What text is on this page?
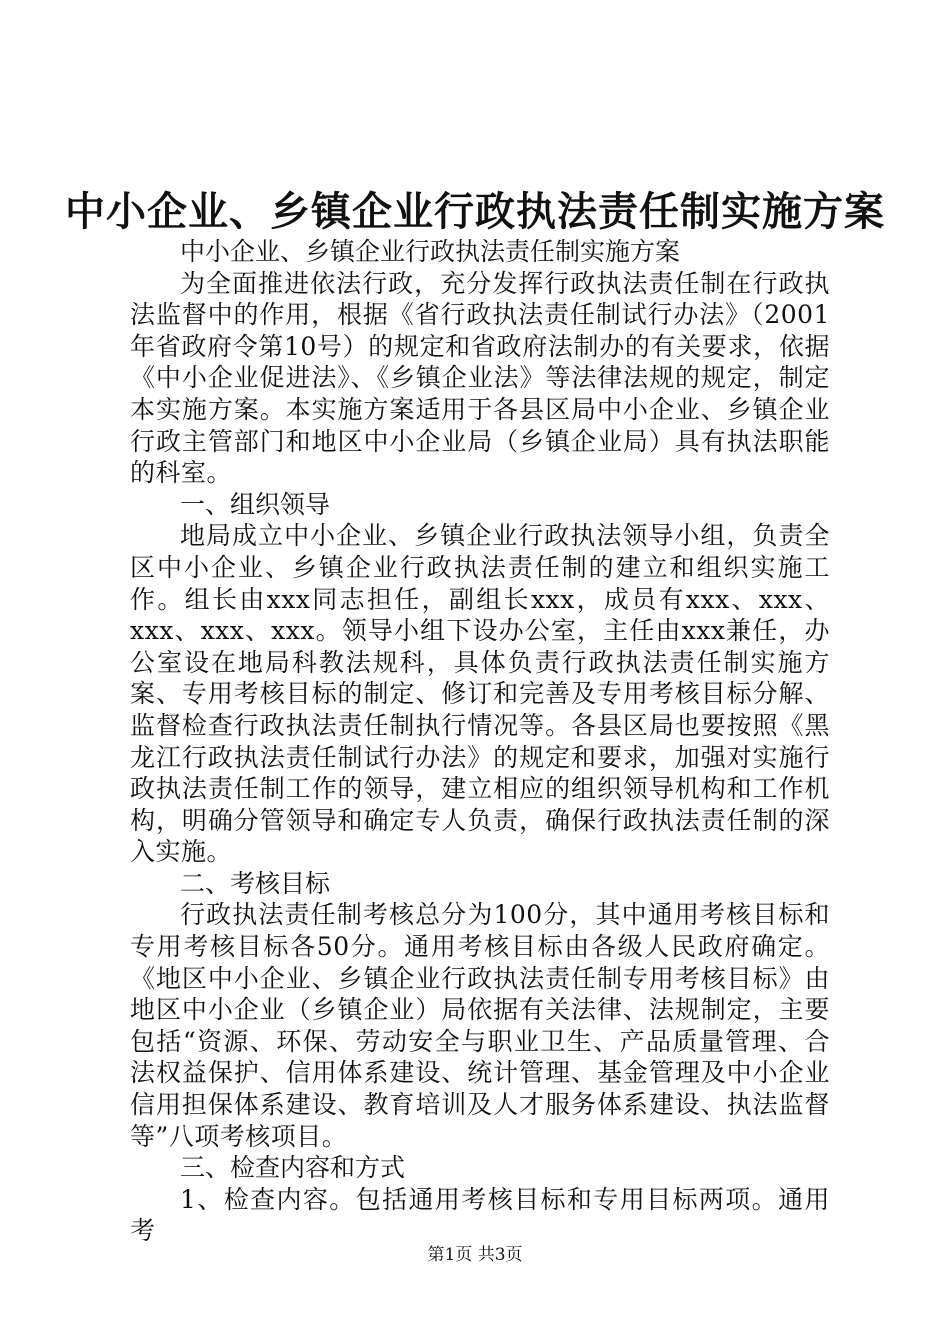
中小企业、乡镇企业行政执法责任制实施方案

中小企业、乡镇企业行政执法责任制实施方案

为全面推进依法行政，充分发挥行政执法责任制在行政执法监督中的作用，根据《省行政执法责任制试行办法》（2001年省政府令第10号）的规定和省政府法制办的有关要求，依据《中小企业促进法》、《乡镇企业法》等法律法规的规定，制定本实施方案。本实施方案适用于各县区局中小企业、乡镇企业行政主管部门和地区中小企业局（乡镇企业局）具有执法职能的科室。

一、组织领导

地局成立中小企业、乡镇企业行政执法领导小组，负责全区中小企业、乡镇企业行政执法责任制的建立和组织实施工作。组长由xxx同志担任，副组长xxx，成员有xxx、xxx、xxx、xxx、xxx。领导小组下设办公室，主任由xxx兼任，办公室设在地局科教法规科，具体负责行政执法责任制实施方案、专用考核目标的制定、修订和完善及专用考核目标分解、监督检查行政执法责任制执行情况等。各县区局也要按照《黑龙江行政执法责任制试行办法》的规定和要求，加强对实施行政执法责任制工作的领导，建立相应的组织领导机构和工作机构，明确分管领导和确定专人负责，确保行政执法责任制的深入实施。

二、考核目标

行政执法责任制考核总分为100分，其中通用考核目标和专用考核目标各50分。通用考核目标由各级人民政府确定。《地区中小企业、乡镇企业行政执法责任制专用考核目标》由地区中小企业（乡镇企业）局依据有关法律、法规制定，主要包括“资源、环保、劳动安全与职业卫生、产品质量管理、合法权益保护、信用体系建设、统计管理、基金管理及中小企业信用担保体系建设、教育培训及人才服务体系建设、执法监督等”八项考核项目。

三、检查内容和方式

1、检查内容。包括通用考核目标和专用目标两项。通用考

第1页 共3页
